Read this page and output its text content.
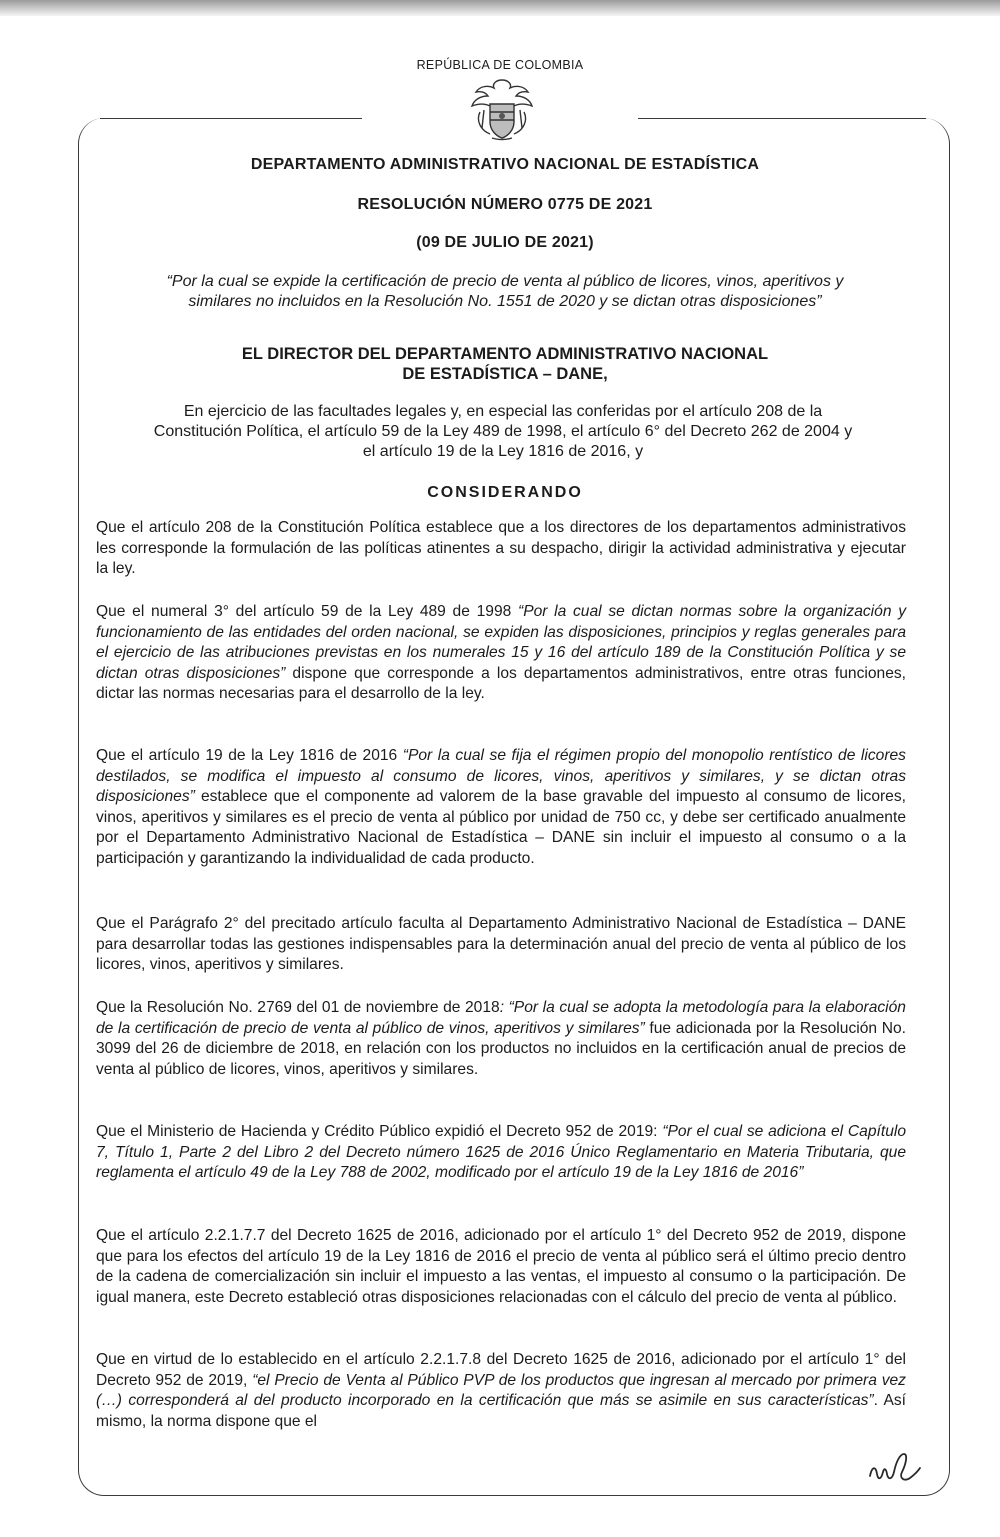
REPÚBLICA DE COLOMBIA
DEPARTAMENTO ADMINISTRATIVO NACIONAL DE ESTADÍSTICA
RESOLUCIÓN NÚMERO 0775 DE 2021
(09 DE JULIO DE 2021)
“Por la cual se expide la certificación de precio de venta al público de licores, vinos, aperitivos y
similares no incluidos en la Resolución No. 1551 de 2020 y se dictan otras disposiciones”
EL DIRECTOR DEL DEPARTAMENTO ADMINISTRATIVO NACIONAL
DE ESTADÍSTICA – DANE,
En ejercicio de las facultades legales y, en especial las conferidas por el artículo 208 de la
Constitución Política, el artículo 59 de la Ley 489 de 1998, el artículo 6° del Decreto 262 de 2004 y
el artículo 19 de la Ley 1816 de 2016, y
CONSIDERANDO
Que el artículo 208 de la Constitución Política establece que a los directores de los departamentos administrativos les corresponde la formulación de las políticas atinentes a su despacho, dirigir la actividad administrativa y ejecutar la ley.
Que el numeral 3° del artículo 59 de la Ley 489 de 1998 “Por la cual se dictan normas sobre la organización y funcionamiento de las entidades del orden nacional, se expiden las disposiciones, principios y reglas generales para el ejercicio de las atribuciones previstas en los numerales 15 y 16 del artículo 189 de la Constitución Política y se dictan otras disposiciones” dispone que corresponde a los departamentos administrativos, entre otras funciones, dictar las normas necesarias para el desarrollo de la ley.
Que el artículo 19 de la Ley 1816 de 2016 “Por la cual se fija el régimen propio del monopolio rentístico de licores destilados, se modifica el impuesto al consumo de licores, vinos, aperitivos y similares, y se dictan otras disposiciones” establece que el componente ad valorem de la base gravable del impuesto al consumo de licores, vinos, aperitivos y similares es el precio de venta al público por unidad de 750 cc, y debe ser certificado anualmente por el Departamento Administrativo Nacional de Estadística – DANE sin incluir el impuesto al consumo o a la participación y garantizando la individualidad de cada producto.
Que el Parágrafo 2° del precitado artículo faculta al Departamento Administrativo Nacional de Estadística – DANE para desarrollar todas las gestiones indispensables para la determinación anual del precio de venta al público de los licores, vinos, aperitivos y similares.
Que la Resolución No. 2769 del 01 de noviembre de 2018: “Por la cual se adopta la metodología para la elaboración de la certificación de precio de venta al público de vinos, aperitivos y similares” fue adicionada por la Resolución No. 3099 del 26 de diciembre de 2018, en relación con los productos no incluidos en la certificación anual de precios de venta al público de licores, vinos, aperitivos y similares.
Que el Ministerio de Hacienda y Crédito Público expidió el Decreto 952 de 2019: “Por el cual se adiciona el Capítulo 7, Título 1, Parte 2 del Libro 2 del Decreto número 1625 de 2016 Único Reglamentario en Materia Tributaria, que reglamenta el artículo 49 de la Ley 788 de 2002, modificado por el artículo 19 de la Ley 1816 de 2016”
Que el artículo 2.2.1.7.7 del Decreto 1625 de 2016, adicionado por el artículo 1° del Decreto 952 de 2019, dispone que para los efectos del artículo 19 de la Ley 1816 de 2016 el precio de venta al público será el último precio dentro de la cadena de comercialización sin incluir el impuesto a las ventas, el impuesto al consumo o la participación. De igual manera, este Decreto estableció otras disposiciones relacionadas con el cálculo del precio de venta al público.
Que en virtud de lo establecido en el artículo 2.2.1.7.8 del Decreto 1625 de 2016, adicionado por el artículo 1° del Decreto 952 de 2019, “el Precio de Venta al Público PVP de los productos que ingresan al mercado por primera vez (…) corresponderá al del producto incorporado en la certificación que más se asimile en sus características”. Así mismo, la norma dispone que el
